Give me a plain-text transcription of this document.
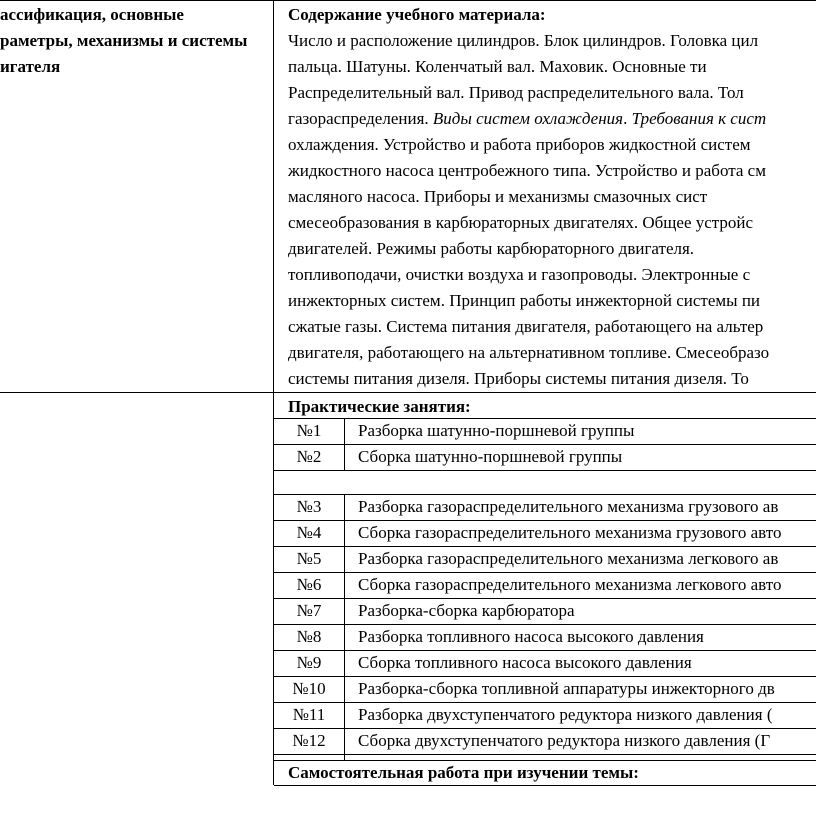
ассификация, основные
раметры, механизмы и системы
игателя
Содержание учебного материала:
Число и расположение цилиндров. Блок цилиндров. Головка цил
пальца. Шатуны. Коленчатый вал. Маховик. Основные ти
Распределительный вал. Привод распределительного вала. Тол
газораспределения. Виды систем охлаждения. Требования к сист
охлаждения. Устройство и работа приборов жидкостной систем
жидкостного насоса центробежного типа. Устройство и работа см
масляного насоса. Приборы и механизмы смазочных сист
смесеобразования в карбюраторных двигателях. Общее устройс
двигателей. Режимы работы карбюраторного двигателя.
топливоподачи, очистки воздуха и газопроводы. Электронные с
инжекторных систем. Принцип работы инжекторной системы пи
сжатые газы. Система питания двигателя, работающего на альтер
двигателя, работающего на альтернативном топливе. Смесеобразо
системы питания дизеля. Приборы системы питания дизеля. То
Практические занятия:
№1	Разборка шатунно-поршневой группы
№2	Сборка шатунно-поршневой группы
№3	Разборка газораспределительного механизма грузового ав
№4	Сборка газораспределительного механизма грузового авто
№5	Разборка газораспределительного механизма легкового ав
№6	Сборка газораспределительного механизма легкового авто
№7	Разборка-сборка карбюратора
№8	Разборка топливного насоса высокого давления
№9	Сборка топливного насоса высокого давления
№10	Разборка-сборка топливной аппаратуры инжекторного дв
№11	Разборка двухступенчатого редуктора низкого давления (
№12	Сборка двухступенчатого редуктора низкого давления (Г
Самостоятельная работа при изучении темы:
